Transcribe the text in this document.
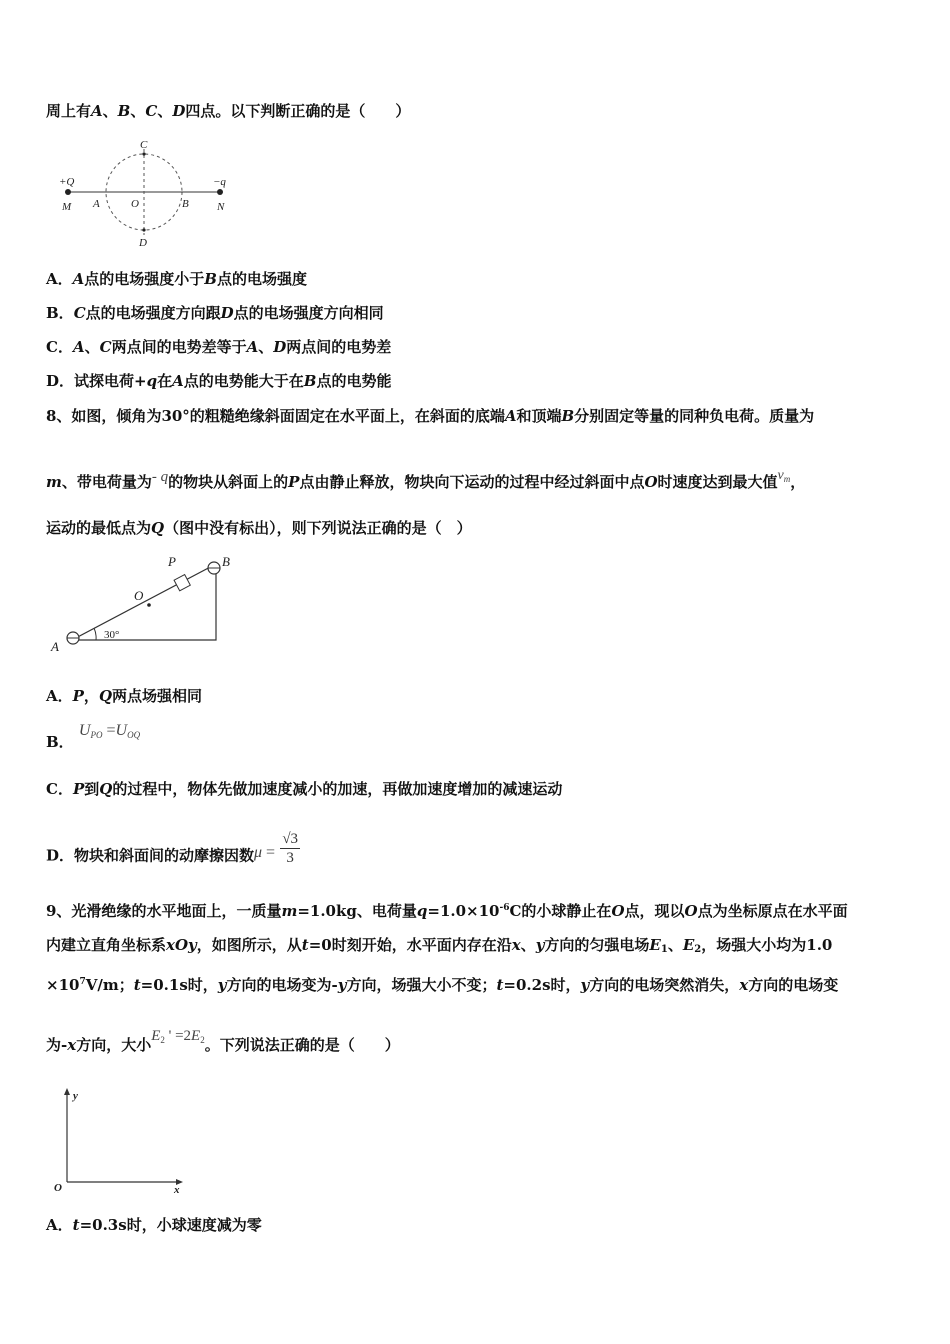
周上有A、B、C、D四点。以下判断正确的是（　　）
+Q	−q
M A	O	B	N
C
D
A．A点的电场强度小于B点的电场强度
B．C点的电场强度方向跟D点的电场强度方向相同
C．A、C两点间的电势差等于A、D两点间的电势差
D．试探电荷+q在A点的电势能大于在B点的电势能
8、如图，倾角为30°的粗糙绝缘斜面固定在水平面上，在斜面的底端A和顶端B分别固定等量的同种负电荷。质量为
m、带电荷量为- q的物块从斜面上的P点由静止释放，物块向下运动的过程中经过斜面中点O时速度达到最大值$v_m$，
运动的最低点为Q（图中没有标出），则下列说法正确的是（　）
P	B
O
A
30°
A．P，Q两点场强相同
B． $U_{PO} =U_{OQ}$
C．P到Q的过程中，物体先做加速度减小的加速，再做加速度增加的减速运动
D．物块和斜面间的动摩擦因数$\mu = \frac{√3}{3}$
9、光滑绝缘的水平地面上，一质量m=1.0kg、电荷量$q=1.0\times 10^{-6}C$的小球静止在O点，现以O点为坐标原点在水平面
内建立直角坐标系xOy，如图所示，从t=0时刻开始，水平面内存在沿x、y方向的匀强电场E1、E2，场强大小均为1.0
$\times 10^7V/m$；t=0.1s时，y方向的电场变为-y方向，场强大小不变；t=0.2s时，y方向的电场突然消失，x方向的电场变
为-x方向，大小$E_2$ ' $=2E_2$。下列说法正确的是（　　）
y
O	x
A．t=0.3s时，小球速度减为零
